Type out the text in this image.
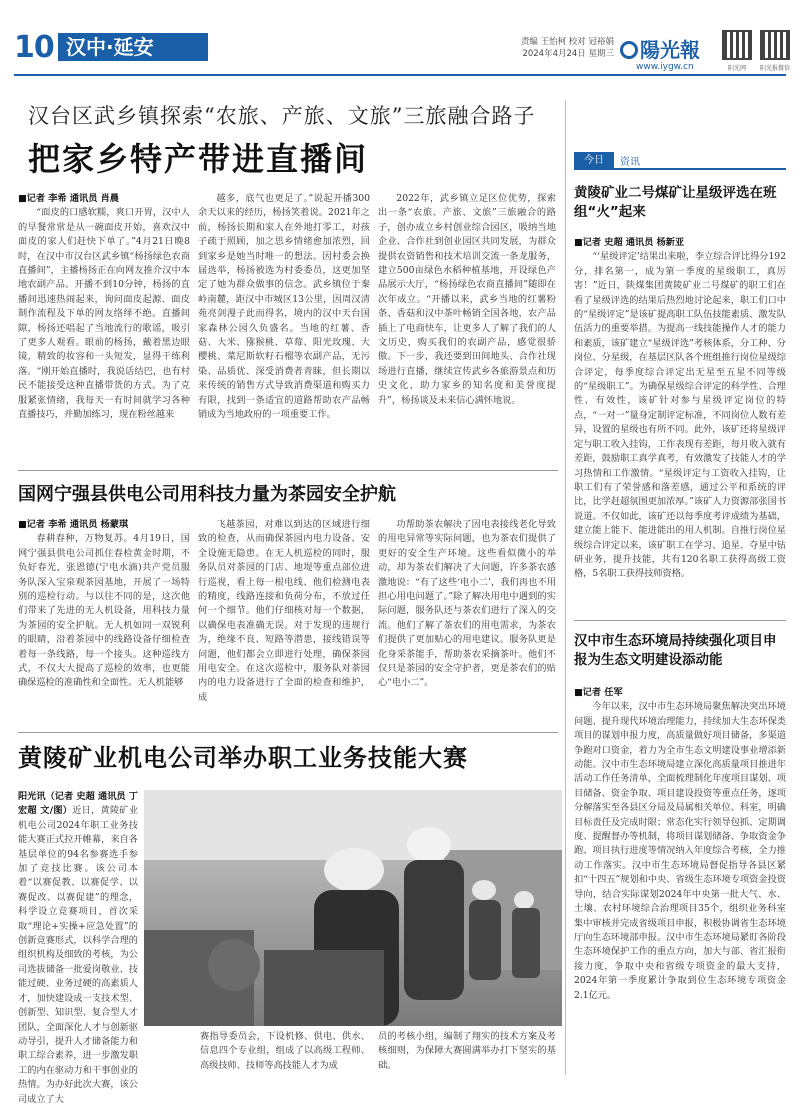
10 汉中·延安	责编 王怡柯 校对 冠裕娟
2024年4月24日 星期三	陽光報
www.iygw.cn	阳光网	阳光报微信
汉台区武乡镇探索“农旅、产旅、文旅”三旅融合路子
把家乡特产带进直播间
■记者 李希 通讯员 肖晨

“面皮的口感软糯，爽口开胃，汉中人的早餐常常是从一碗面皮开始，喜欢汉中面皮的家人们赶快下单了。”4月21日晚8时，在汉中市汉台区武乡镇“杨扬绿色农商直播间”，主播杨扬正在向网友推介汉中本地农副产品。开播不到10分钟，杨扬的直播间迅速热闹起来，询问面皮起源、面皮制作流程及下单的网友络绎不绝。直播间隙，杨扬还唱起了当地流行的歌谣，吸引了更多人观看。眼前的杨扬，戴着黑边眼镜，精致的妆容和一头短发，显得干练利落。“刚开始直播时，我说话结巴，也有村民不能接受这种直播带货的方式。为了克服紧张情绪，我每天一有时间就学习各种直播技巧，并勤加练习，现在粉丝越来

越多，底气也更足了。”说起开播300余天以来的经历，杨扬笑着说。2021年之前，杨扬长期和家人在外地打零工，对孩子疏于照顾，加之思乡情绪愈加浓烈，回到家乡是她当时唯一的想法。因村委会换届选举，杨扬被选为村委委员，这更加坚定了她为群众做事的信念。武乡镇位于秦岭南麓，距汉中市城区13公里，因周汉清苑亮剑漫子此而得名，境内的汉中天台国家森林公园久负盛名。当地的红薯、香菇、大米、猕猴桃、草莓、阳光玫瑰、大樱桃、菜尼斯软籽石榴等农副产品，无污染、品质优、深受消费者青睐，但长期以来传统的销售方式导致消费渠道和购买力有限，找到一条适宜的道路帮助农产品畅销成为当地政府的一项重要工作。

2022年，武乡镇立足区位优势，探索出一条“农旅、产旅、文旅”三旅融合的路子，创办成立乡村创业综合园区，吸纳当地企业、合作社到创业园区共同发展，为群众提供农资销售和技术培训交流一条龙服务，建立500亩绿色水稻种植基地，开设绿色产品展示大厅，“杨扬绿色农商直播间”随即在次年成立。“开播以来，武乡当地的红薯粉条、香菇和汉中茶叶畅销全国各地，农产品插上了电商快车，让更多人了解了我们的人文历史，购买我们的农副产品，感觉很骄傲。下一步，我还要到田间地头、合作社现场进行直播，继续宣传武乡各旅游景点和历史文化，助力家乡的知名度和美誉度提升”，杨扬谈及未来信心满怀地说。

国网宁强县供电公司用科技力量为茶园安全护航
■记者 李希 通讯员 杨蒙琪

春耕春种，万物复苏。4月19日，国网宁强县供电公司抓住春检黄金时期，不负好春光，张恩德(宁电水滴)共产党员服务队深入宝泉观茶园基地，开展了一场特别的巡检行动。与以往不同的是，这次他们带来了先进的无人机设备，用科技力量为茶园的安全护航。无人机如同一双锐利的眼睛，沿着茶园中的线路设备仔细检查着每一条线路，每一个接头。这种巡线方式，不仅大大提高了巡检的效率，也更能确保巡检的准确性和全面性。无人机能够

飞越茶园，对难以到达的区域进行细致的检查，从而确保茶园内电力设备、安全设施无隐患。在无人机巡检的同时，服务队员对茶园的门店、地堤等重点部位进行巡视，看上每一根电线、他们检测电表的精度，线路连接和负荷分布，不放过任何一个细节。他们仔细核对每一个数据，以确保电表准确无误。对于发现的违规行为，绝缘不良、短路等潜患，接线错误等问题，他们都会立即进行处理，确保茶园用电安全。在这次巡检中，服务队对茶园内的电力设备进行了全面的检查和维护，成

功帮助茶农解决了因电表接线老化导致的用电异常等实际问题，也为茶农们提供了更好的安全生产环境。这些看似微小的举动，却为茶农们解决了大问题，许多茶农感激地说：“有了这些‘电小二’，我们再也不用担心用电问题了。”除了解决用电中遇到的实际问题，服务队还与茶农们进行了深入的交流。他们了解了茶农们的用电需求，为茶农们提供了更加贴心的用电建议。服务队更是化身采茶能手，帮助茶农采摘茶叶。他们不仅只是茶园的安全守护者，更是茶农们的贴心“电小二”。

黄陵矿业机电公司举办职工业务技能大赛
阳光讯（记者 史超 通讯员 丁宏超 文/图）近日，黄陵矿业机电公司2024年职工业务技能大赛正式拉开帷幕，来自各基层单位的94名参赛选手参加了竞技比赛。该公司本着“以赛促教、以赛促学、以赛促改、以赛促建”的理念，科学设立竞赛项目，首次采取“理论+实操+应急处置”的创新竞赛形式，以科学合理的组织机构及细致的考核，为公司选拔储备一批爱岗敬业、技能过硬、业务过硬的高素质人才，加快建设成一支技术型、创新型、知识型、复合型人才团队，全面深化人才与创新驱动导引，提升人才储备能力和职工综合素养，进一步激发职工的内在驱动力和干事创业的热情。为办好此次大赛，该公司成立了大
赛指导委员会，下设机修、供电、供水、信息四个专业组，组成了以高级工程师、高级技师、技师等高技能人才为成
员的考核小组，编制了翔实的技术方案及考核细则，为保障大赛圆满举办打下坚实的基础。
今日	资讯
黄陵矿业二号煤矿让星级评选在班组“火”起来
■记者 史超 通讯员 杨新亚

“‘星级评定’结果出来啦，李立综合评比得分192分，排名第一，成为第一季度的星级职工，真厉害！”近日，陕煤集团黄陵矿业二号煤矿的职工们在看了星级评选的结果后热烈地讨论起来，职工们口中的“星级评定”是该矿提高职工队伍技能素质、激发队伍活力的重要举措。为提高一线技能操作人才的能力和素质，该矿建立“星级评选”考核体系，分工种、分岗位、分星级，在基层区队各个班组推行岗位星级综合评定，每季度综合评定出无星至五星不同等级的“星级职工”。为确保星级综合评定的科学性、合理性、有效性，该矿针对参与星级评定岗位的特点，“一对一”量身定制评定标准，不同岗位人数有差异，设置的星级也有所不同。此外，该矿还将星级评定与职工收入挂钩，工作表现有差距，每月收入就有差距，鼓励职工真学真考，有效激发了技能人才的学习热情和工作激情。“星级评定与工资收入挂钩，让职工们有了荣誉感和落差感，通过公平和系统的评比，比学赶超氛围更加浓厚。”该矿人力资源部张国书说道。不仅如此，该矿还以每季度考评成绩为基础，建立能上能下、能进能出的用人机制。自推行岗位星级综合评定以来，该矿职工在学习、追星、夺星中钻研业务，提升技能，共有120名职工获得高级工资格，5名职工获得技师资格。

汉中市生态环境局持续强化项目申报为生态文明建设添动能
■记者 任军

今年以来，汉中市生态环境局聚焦解决突出环境问题、提升现代环境治理能力，持续加大生态环保类项目的谋划申报力度，高质量做好项目储备，多渠道争跑对口资金，着力为全市生态文明建设事业增添新动能。汉中市生态环境局建立深化高质量项目推进年活动工作任务清单，全面梳理制化年度项目谋划、项目储备、资金争取、项目建设投资等重点任务，逐项分解落实至各县区分局及局属相关单位、科室，明确目标责任及完成时限；常态化实行领导包抓、定期调度、提醒督办等机制，将项目谋划储备、争取资金争跑、项目执行进度等情况纳入年度综合考核，全力推动工作落实。汉中市生态环境局督促指导各县区紧扣“十四五”规划和中央、省级生态环境专项资金投资导向，结合实际谋划2024年中央第一批大气、水、土壤、农村环境综合治理项目35个，组织业务科室集中审核并完成省级项目申报，积极协调省生态环境厅向生态环境部申报。汉中市生态环境局紧盯各阶段生态环境保护工作的重点方向，加大与部、省汇报衔接力度，争取中央和省级专项资金的最大支持，2024年第一季度累计争取到位生态环境专项资金2.1亿元。
